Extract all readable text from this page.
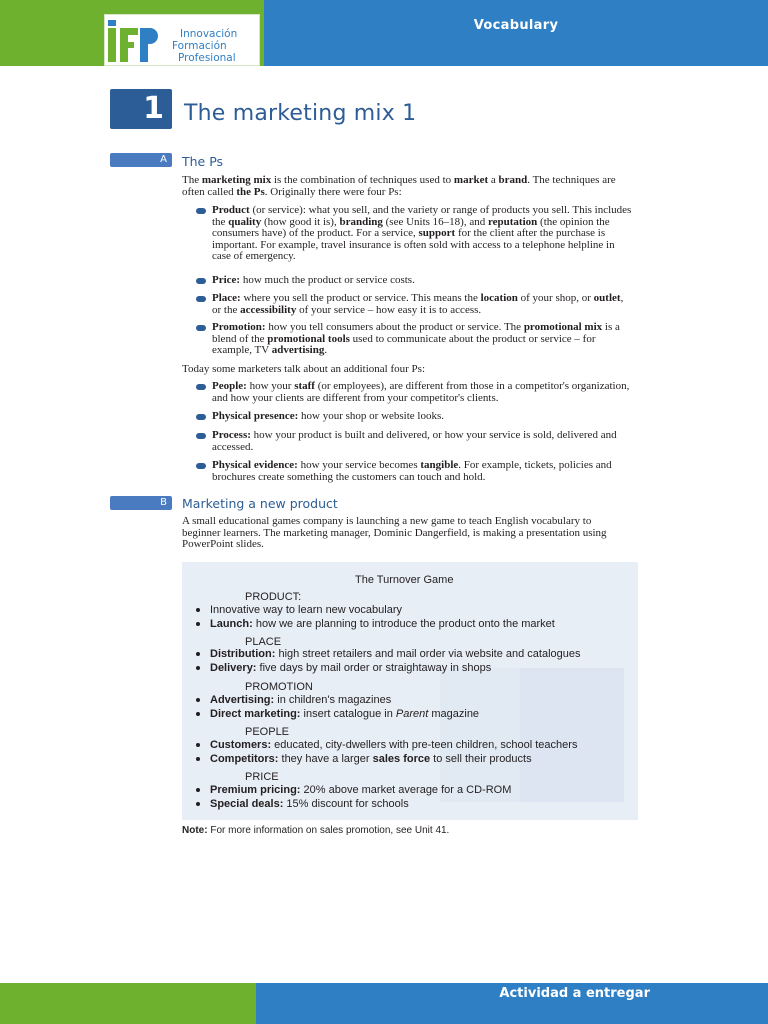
Vocabulary
Innovación
Formación
Profesional
1 The marketing mix 1
A	The Ps
The marketing mix is the combination of techniques used to market a brand. The techniques are often called the Ps. Originally there were four Ps:
Product (or service): what you sell, and the variety or range of products you sell. This includes the quality (how good it is), branding (see Units 16–18), and reputation (the opinion the consumers have) of the product. For a service, support for the client after the purchase is important. For example, travel insurance is often sold with access to a telephone helpline in case of emergency.
Price: how much the product or service costs.
Place: where you sell the product or service. This means the location of your shop, or outlet, or the accessibility of your service – how easy it is to access.
Promotion: how you tell consumers about the product or service. The promotional mix is a blend of the promotional tools used to communicate about the product or service – for example, TV advertising.
Today some marketers talk about an additional four Ps:
People: how your staff (or employees), are different from those in a competitor's organization, and how your clients are different from your competitor's clients.
Physical presence: how your shop or website looks.
Process: how your product is built and delivered, or how your service is sold, delivered and accessed.
Physical evidence: how your service becomes tangible. For example, tickets, policies and brochures create something the customers can touch and hold.
B	Marketing a new product
A small educational games company is launching a new game to teach English vocabulary to beginner learners. The marketing manager, Dominic Dangerfield, is making a presentation using PowerPoint slides.
The Turnover Game
PRODUCT:
Innovative way to learn new vocabulary
Launch: how we are planning to introduce the product onto the market
PLACE
Distribution: high street retailers and mail order via website and catalogues
Delivery: five days by mail order or straightaway in shops
PROMOTION
Advertising: in children's magazines
Direct marketing: insert catalogue in Parent magazine
PEOPLE
Customers: educated, city-dwellers with pre-teen children, school teachers
Competitors: they have a larger sales force to sell their products
PRICE
Premium pricing: 20% above market average for a CD-ROM
Special deals: 15% discount for schools
Note: For more information on sales promotion, see Unit 41.
Actividad a entregar
